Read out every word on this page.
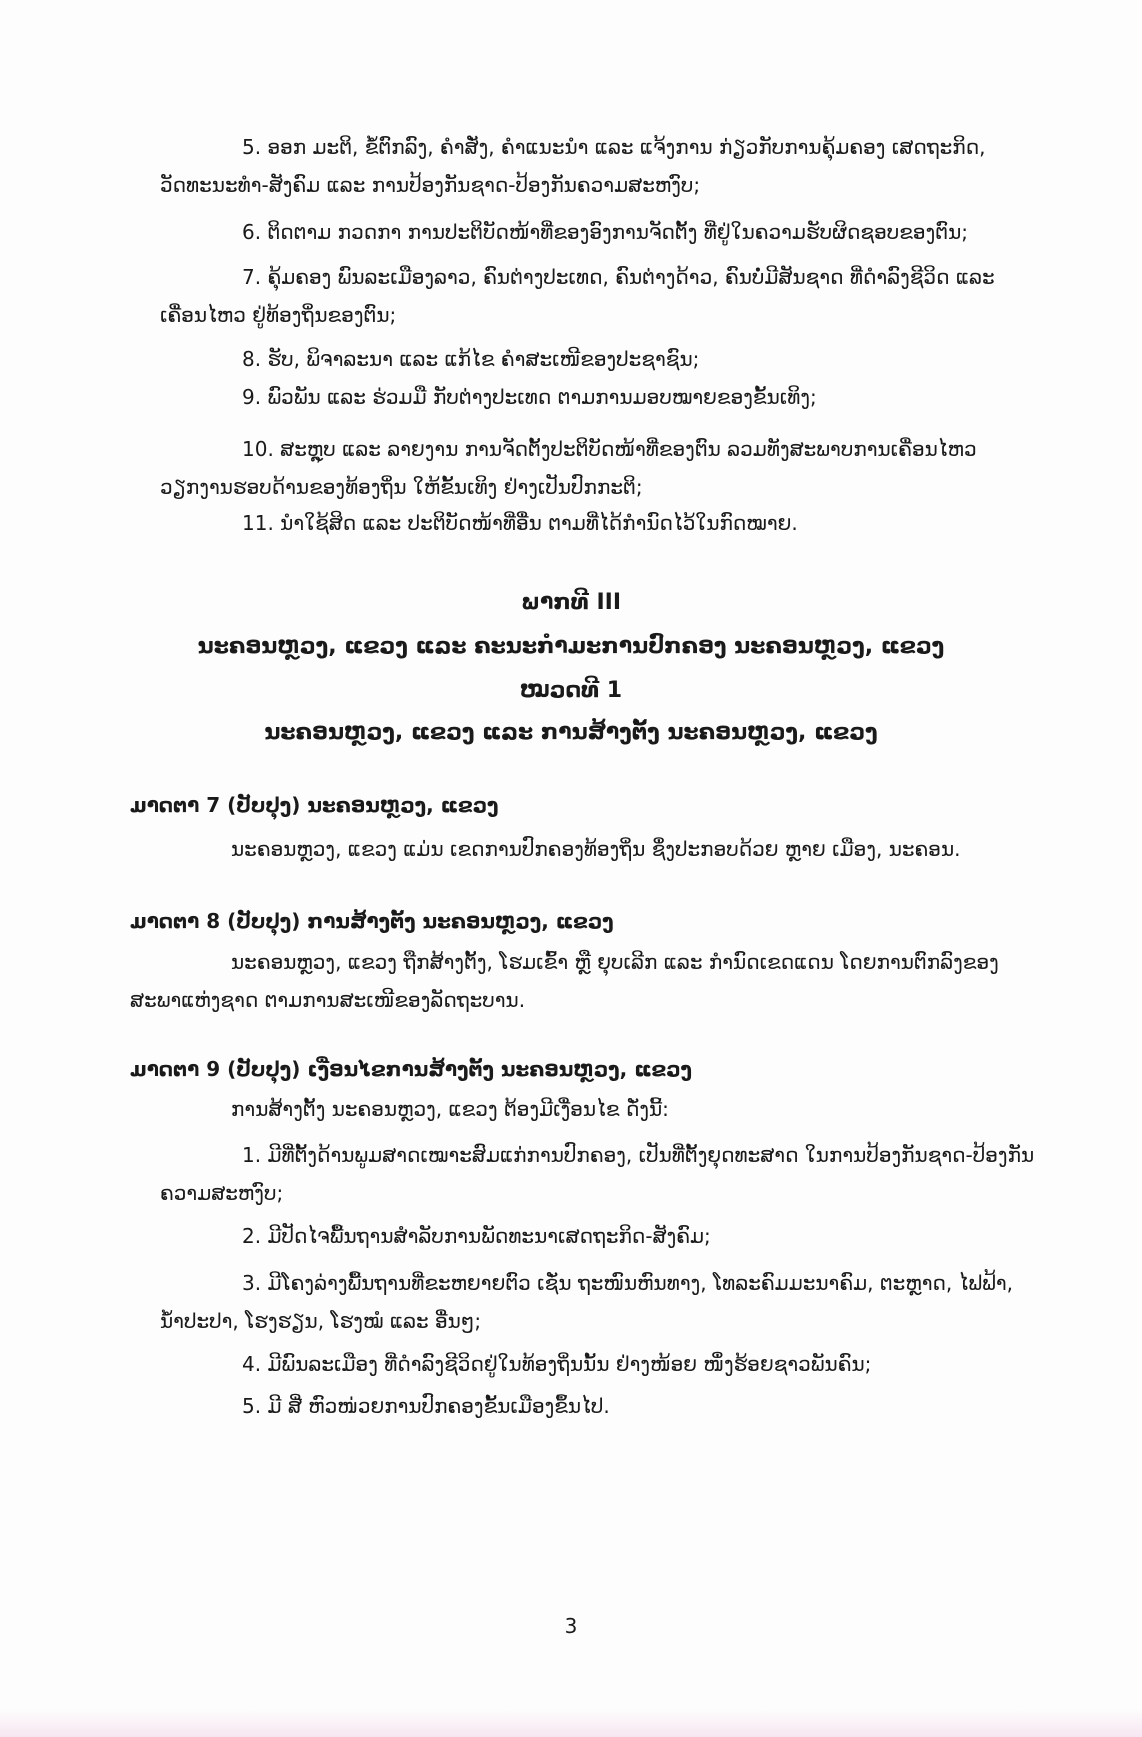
5. ອອກ ມະຕິ, ຂໍ້ຕົກລົງ, ຄຳສັ່ງ, ຄຳແນະນຳ ແລະ ແຈ້ງການ ກ່ຽວກັບການຄຸ້ມຄອງ ເສດຖະກິດ, ວັດທະນະທຳ-ສັງຄົມ ແລະ ການປ້ອງກັນຊາດ-ປ້ອງກັນຄວາມສະຫງົບ;

6. ຕິດຕາມ ກວດກາ ການປະຕິບັດໜ້າທີ່ຂອງອົງການຈັດຕັ້ງ ທີ່ຢູ່ໃນຄວາມຮັບຜິດຊອບຂອງຕົນ;

7. ຄຸ້ມຄອງ ພົນລະເມືອງລາວ, ຄົນຕ່າງປະເທດ, ຄົນຕ່າງດ້າວ, ຄົນບໍ່ມີສັນຊາດ ທີ່ດຳລົງຊີວິດ ແລະ ເຄື່ອນໄຫວ ຢູ່ທ້ອງຖິ່ນຂອງຕົນ;

8. ຮັບ, ພິຈາລະນາ ແລະ ແກ້ໄຂ ຄຳສະເໜີຂອງປະຊາຊົນ;

9. ພົວພັນ ແລະ ຮ່ວມມື ກັບຕ່າງປະເທດ ຕາມການມອບໝາຍຂອງຂັ້ນເທິງ;

10. ສະຫຼຸບ ແລະ ລາຍງານ ການຈັດຕັ້ງປະຕິບັດໜ້າທີ່ຂອງຕົນ ລວມທັງສະພາບການເຄື່ອນໄຫວ ວຽກງານຮອບດ້ານຂອງທ້ອງຖິ່ນ ໃຫ້ຂັ້ນເທິງ ຢ່າງເປັນປົກກະຕິ;

11. ນຳໃຊ້ສິດ ແລະ ປະຕິບັດໜ້າທີ່ອື່ນ ຕາມທີ່ໄດ້ກຳນົດໄວ້ໃນກົດໝາຍ.

ພາກທີ III

ນະຄອນຫຼວງ, ແຂວງ ແລະ ຄະນະກຳມະການປົກຄອງ ນະຄອນຫຼວງ, ແຂວງ

ໝວດທີ 1

ນະຄອນຫຼວງ, ແຂວງ ແລະ ການສ້າງຕັ້ງ ນະຄອນຫຼວງ, ແຂວງ

ມາດຕາ 7 (ປັບປຸງ) ນະຄອນຫຼວງ, ແຂວງ

ນະຄອນຫຼວງ, ແຂວງ ແມ່ນ ເຂດການປົກຄອງທ້ອງຖິ່ນ ຊຶ່ງປະກອບດ້ວຍ ຫຼາຍ ເມືອງ, ນະຄອນ.

ມາດຕາ 8 (ປັບປຸງ) ການສ້າງຕັ້ງ ນະຄອນຫຼວງ, ແຂວງ

ນະຄອນຫຼວງ, ແຂວງ ຖືກສ້າງຕັ້ງ, ໂຮມເຂົ້າ ຫຼື ຍຸບເລີກ ແລະ ກຳນົດເຂດແດນ ໂດຍການຕົກລົງຂອງ ສະພາແຫ່ງຊາດ ຕາມການສະເໜີຂອງລັດຖະບານ.

ມາດຕາ 9 (ປັບປຸງ) ເງື່ອນໄຂການສ້າງຕັ້ງ ນະຄອນຫຼວງ, ແຂວງ

ການສ້າງຕັ້ງ ນະຄອນຫຼວງ, ແຂວງ ຕ້ອງມີເງື່ອນໄຂ ດັ່ງນີ້:

1. ມີທີ່ຕັ້ງດ້ານພູມສາດເໝາະສົມແກ່ການປົກຄອງ, ເປັນທີ່ຕັ້ງຍຸດທະສາດ ໃນການປ້ອງກັນຊາດ-ປ້ອງກັນ ຄວາມສະຫງົບ;

2. ມີປັດໄຈພື້ນຖານສຳລັບການພັດທະນາເສດຖະກິດ-ສັງຄົມ;

3. ມີໂຄງລ່າງພື້ນຖານທີ່ຂະຫຍາຍຕົວ ເຊັ່ນ ຖະໜົນຫົນທາງ, ໂທລະຄົມມະນາຄົມ, ຕະຫຼາດ, ໄຟຟ້າ, ນ້ຳປະປາ, ໂຮງຮຽນ, ໂຮງໝໍ ແລະ ອື່ນໆ;

4. ມີພົນລະເມືອງ ທີ່ດຳລົງຊີວິດຢູ່ໃນທ້ອງຖິ່ນນັ້ນ ຢ່າງໜ້ອຍ ໜຶ່ງຮ້ອຍຊາວພັນຄົນ;

5. ມີ ສີ່ ຫົວໜ່ວຍການປົກຄອງຂັ້ນເມືອງຂຶ້ນໄປ.

3
